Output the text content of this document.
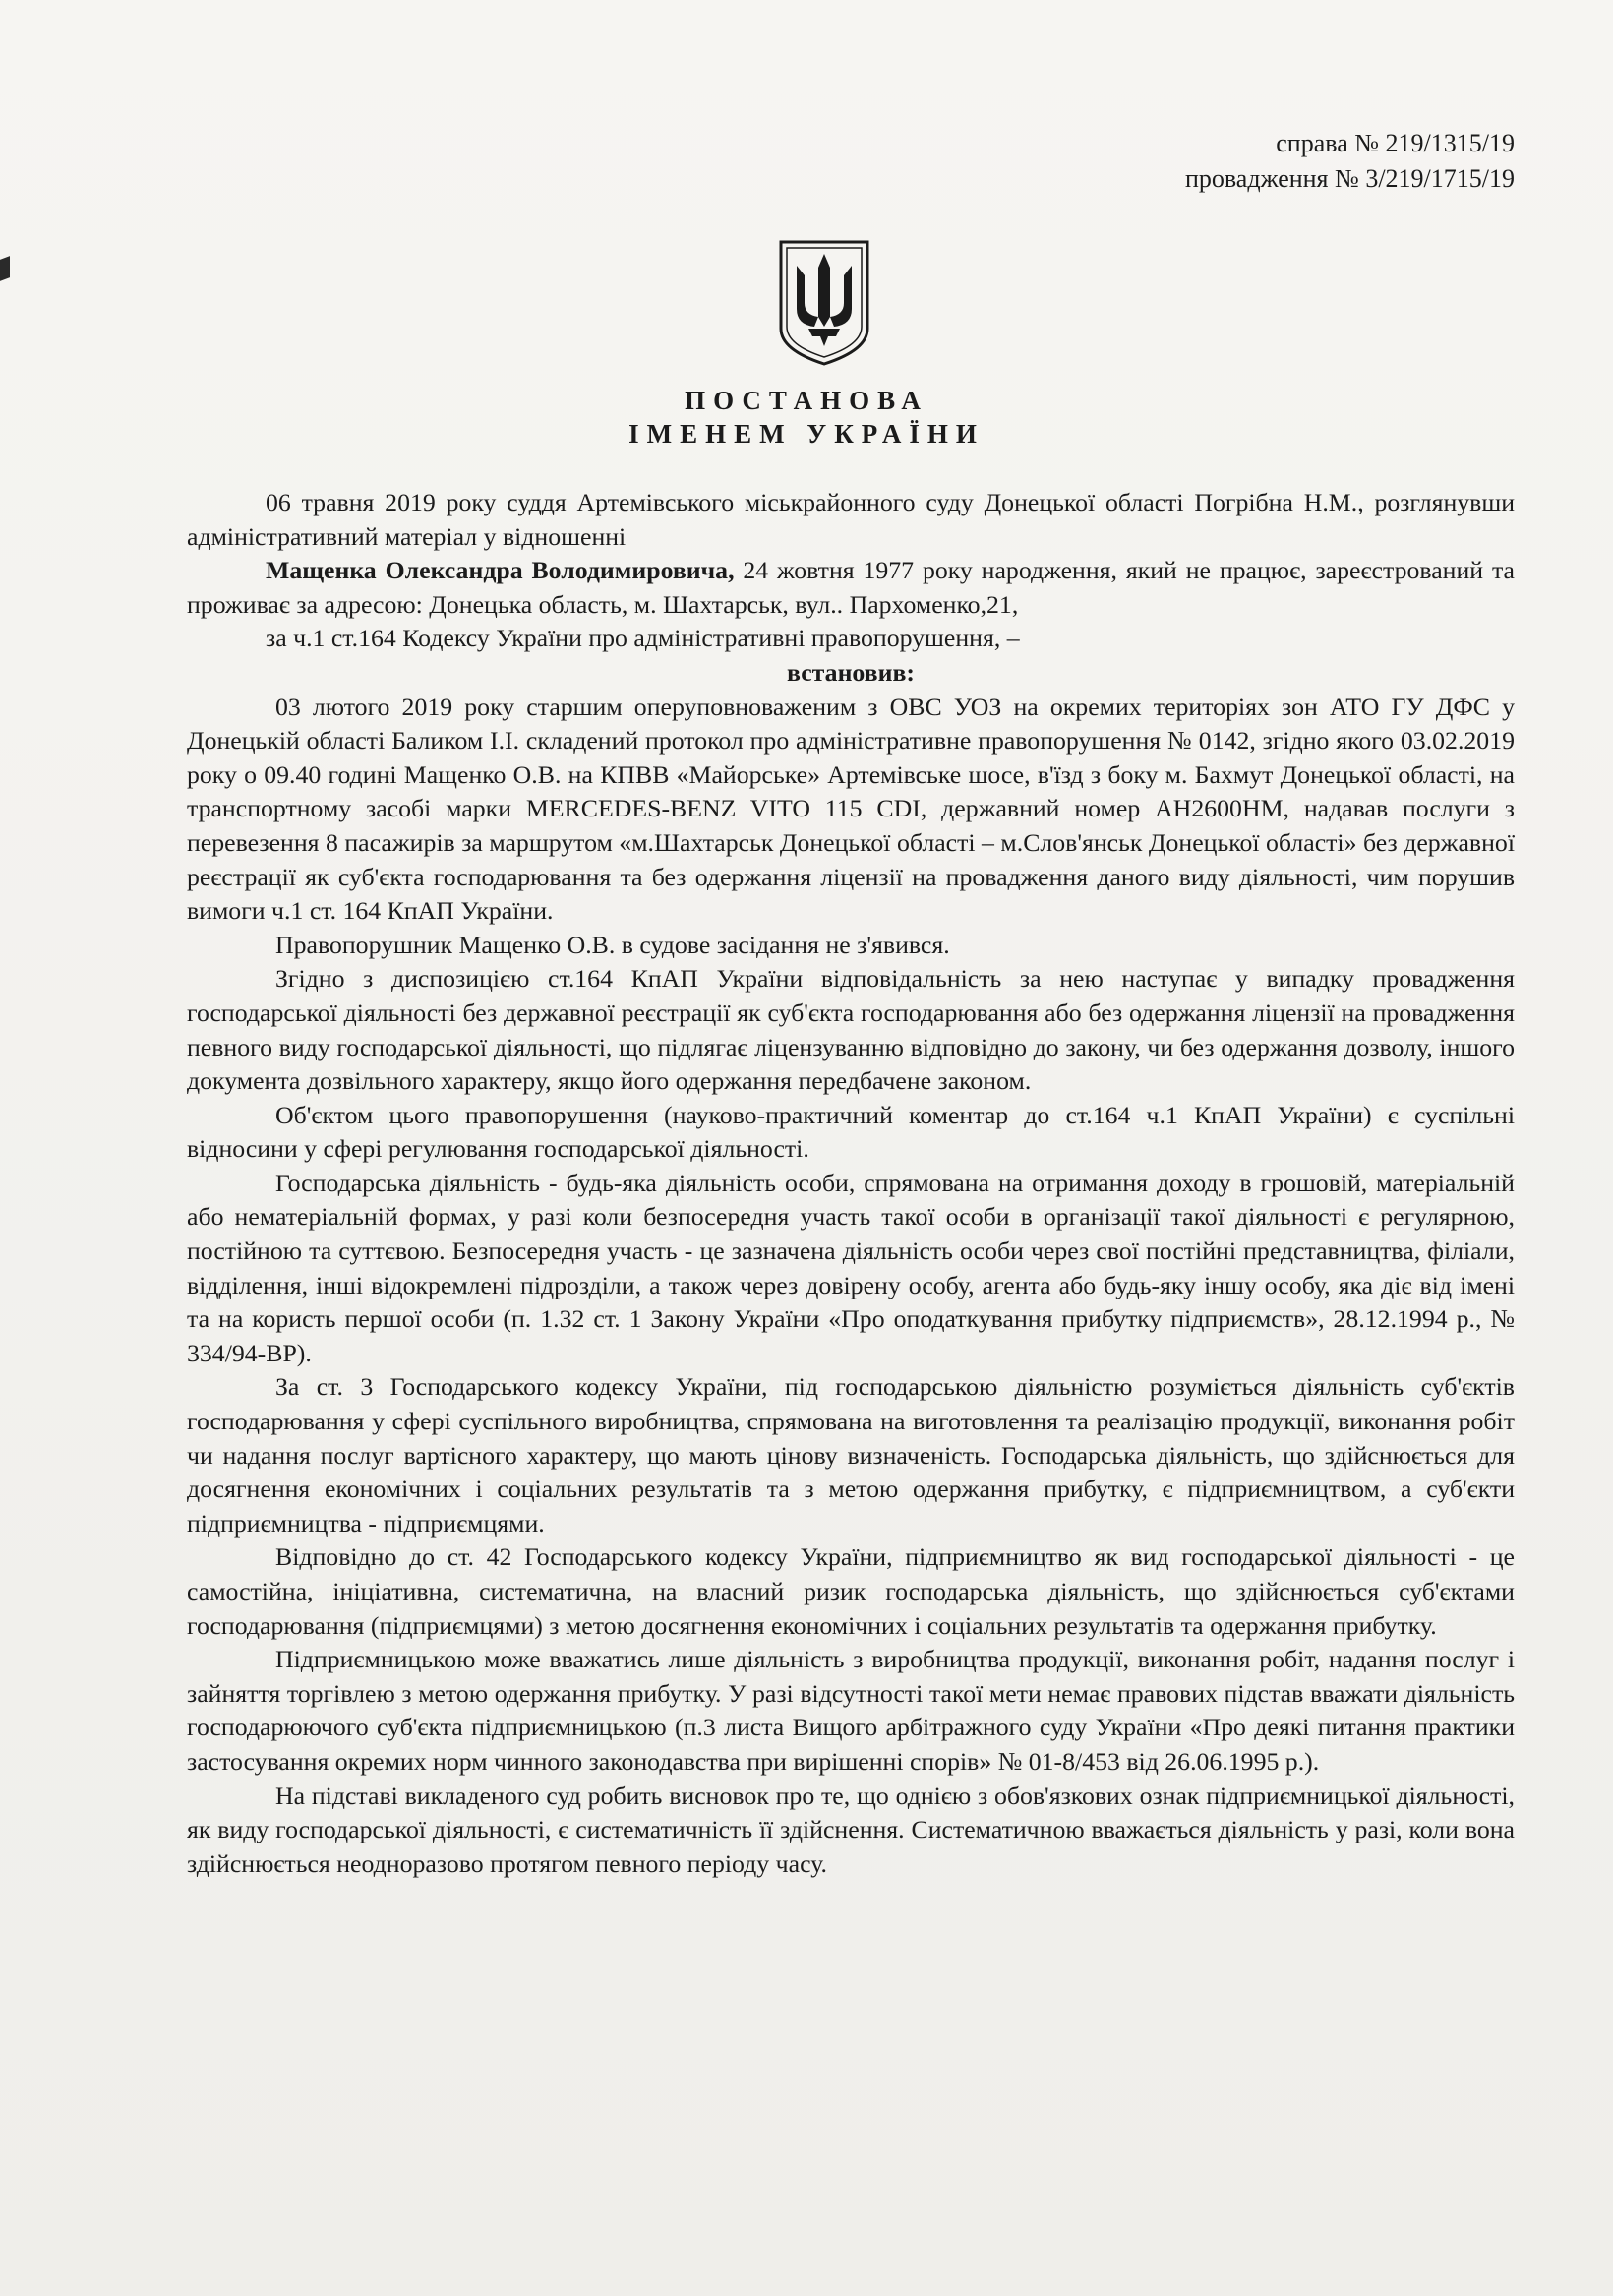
справа № 219/1315/19
провадження № 3/219/1715/19
ПОСТАНОВА
ІМЕНЕМ УКРАЇНИ

06 травня 2019 року суддя Артемівського міськрайонного суду Донецької області Погрібна Н.М., розглянувши адміністративний матеріал у відношенні

Мащенка Олександра Володимировича, 24 жовтня 1977 року народження, який не працює, зареєстрований та проживає за адресою: Донецька область, м. Шахтарськ, вул.. Пархоменко,21,

за ч.1 ст.164 Кодексу України про адміністративні правопорушення, –

встановив:

03 лютого 2019 року старшим оперуповноваженим з ОВС УОЗ на окремих територіях зон АТО ГУ ДФС у Донецькій області Баликом І.І. складений протокол про адміністративне правопорушення № 0142, згідно якого 03.02.2019 року о 09.40 годині Мащенко О.В. на КПВВ «Майорське» Артемівське шосе, в'їзд з боку м. Бахмут Донецької області, на транспортному засобі марки MERCEDES-BENZ VITO 115 CDI, державний номер АН2600НМ, надавав послуги з перевезення 8 пасажирів за маршрутом «м.Шахтарськ Донецької області – м.Слов'янськ Донецької області» без державної реєстрації як суб'єкта господарювання та без одержання ліцензії на провадження даного виду діяльності, чим порушив вимоги ч.1 ст. 164 КпАП України.

Правопорушник Мащенко О.В. в судове засідання не з'явився.

Згідно з диспозицією ст.164 КпАП України відповідальність за нею наступає у випадку провадження господарської діяльності без державної реєстрації як суб'єкта господарювання або без одержання ліцензії на провадження певного виду господарської діяльності, що підлягає ліцензуванню відповідно до закону, чи без одержання дозволу, іншого документа дозвільного характеру, якщо його одержання передбачене законом.

Об'єктом цього правопорушення (науково-практичний коментар до ст.164 ч.1 КпАП України) є суспільні відносини у сфері регулювання господарської діяльності.

Господарська діяльність - будь-яка діяльність особи, спрямована на отримання доходу в грошовій, матеріальній або нематеріальній формах, у разі коли безпосередня участь такої особи в організації такої діяльності є регулярною, постійною та суттєвою. Безпосередня участь - це зазначена діяльність особи через свої постійні представництва, філіали, відділення, інші відокремлені підрозділи, а також через довірену особу, агента або будь-яку іншу особу, яка діє від імені та на користь першої особи (п. 1.32 ст. 1 Закону України «Про оподаткування прибутку підприємств», 28.12.1994 р., № 334/94-ВР).

За ст. 3 Господарського кодексу України, під господарською діяльністю розуміється діяльність суб'єктів господарювання у сфері суспільного виробництва, спрямована на виготовлення та реалізацію продукції, виконання робіт чи надання послуг вартісного характеру, що мають цінову визначеність. Господарська діяльність, що здійснюється для досягнення економічних і соціальних результатів та з метою одержання прибутку, є підприємництвом, а суб'єкти підприємництва - підприємцями.

Відповідно до ст. 42 Господарського кодексу України, підприємництво як вид господарської діяльності - це самостійна, ініціативна, систематична, на власний ризик господарська діяльність, що здійснюється суб'єктами господарювання (підприємцями) з метою досягнення економічних і соціальних результатів та одержання прибутку.

Підприємницькою може вважатись лише діяльність з виробництва продукції, виконання робіт, надання послуг і зайняття торгівлею з метою одержання прибутку. У разі відсутності такої мети немає правових підстав вважати діяльність господарюючого суб'єкта підприємницькою (п.3 листа Вищого арбітражного суду України «Про деякі питання практики застосування окремих норм чинного законодавства при вирішенні спорів» № 01-8/453 від 26.06.1995 р.).

На підставі викладеного суд робить висновок про те, що однією з обов'язкових ознак підприємницької діяльності, як виду господарської діяльності, є систематичність її здійснення. Систематичною вважається діяльність у разі, коли вона здійснюється неодноразово протягом певного періоду часу.
